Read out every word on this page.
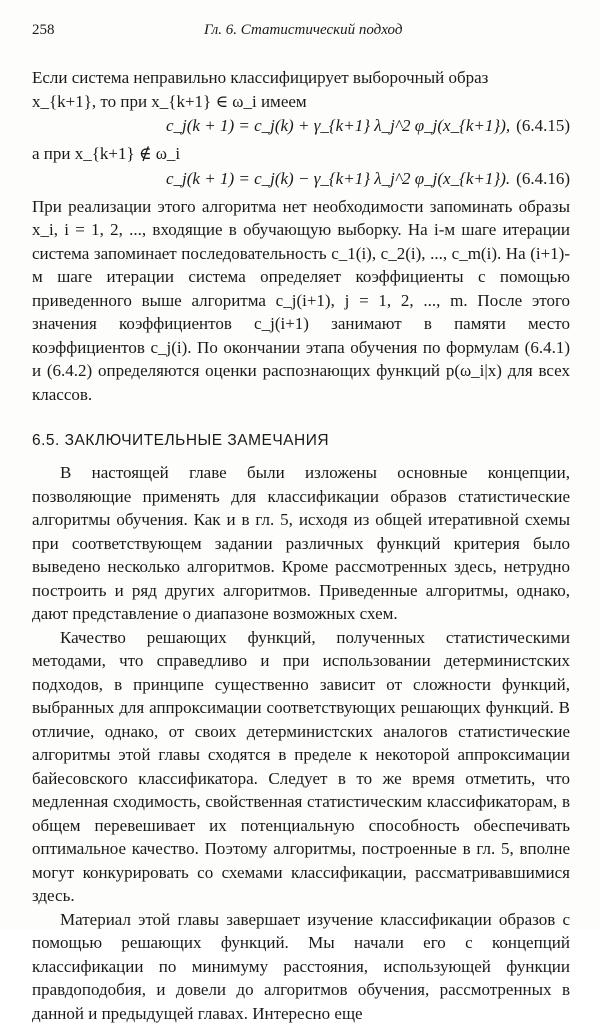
258	Гл. 6. Статистический подход

Если система неправильно классифицирует выборочный образ

x_{k+1}, то при x_{k+1} ∈ ω_i имеем

c_j(k + 1) = c_j(k) + γ_{k+1} λ_j^2 φ_j(x_{k+1}), (6.4.15)

а при x_{k+1} ∉ ω_i

c_j(k + 1) = c_j(k) − γ_{k+1} λ_j^2 φ_j(x_{k+1}). (6.4.16)

При реализации этого алгоритма нет необходимости запоминать образы x_i, i = 1, 2, ..., входящие в обучающую выборку. На i-м шаге итерации система запоминает последовательность c_1(i), c_2(i), ..., c_m(i). На (i+1)-м шаге итерации система определяет коэффициенты с помощью приведенного выше алгоритма c_j(i+1), j = 1, 2, ..., m. После этого значения коэффициентов c_j(i+1) занимают в памяти место коэффициентов c_j(i). По окончании этапа обучения по формулам (6.4.1) и (6.4.2) определяются оценки распознающих функций p(ω_i|x) для всех классов.

6.5. ЗАКЛЮЧИТЕЛЬНЫЕ ЗАМЕЧАНИЯ

В настоящей главе были изложены основные концепции, позволяющие применять для классификации образов статистические алгоритмы обучения. Как и в гл. 5, исходя из общей итеративной схемы при соответствующем задании различных функций критерия было выведено несколько алгоритмов. Кроме рассмотренных здесь, нетрудно построить и ряд других алгоритмов. Приведенные алгоритмы, однако, дают представление о диапазоне возможных схем.

Качество решающих функций, полученных статистическими методами, что справедливо и при использовании детерминистских подходов, в принципе существенно зависит от сложности функций, выбранных для аппроксимации соответствующих решающих функций. В отличие, однако, от своих детерминистских аналогов статистические алгоритмы этой главы сходятся в пределе к некоторой аппроксимации байесовского классификатора. Следует в то же время отметить, что медленная сходимость, свойственная статистическим классификаторам, в общем перевешивает их потенциальную способность обеспечивать оптимальное качество. Поэтому алгоритмы, построенные в гл. 5, вполне могут конкурировать со схемами классификации, рассматривавшимися здесь.

Материал этой главы завершает изучение классификации образов с помощью решающих функций. Мы начали его с концепций классификации по минимуму расстояния, использующей функции правдоподобия, и довели до алгоритмов обучения, рассмотренных в данной и предыдущей главах. Интересно еще
